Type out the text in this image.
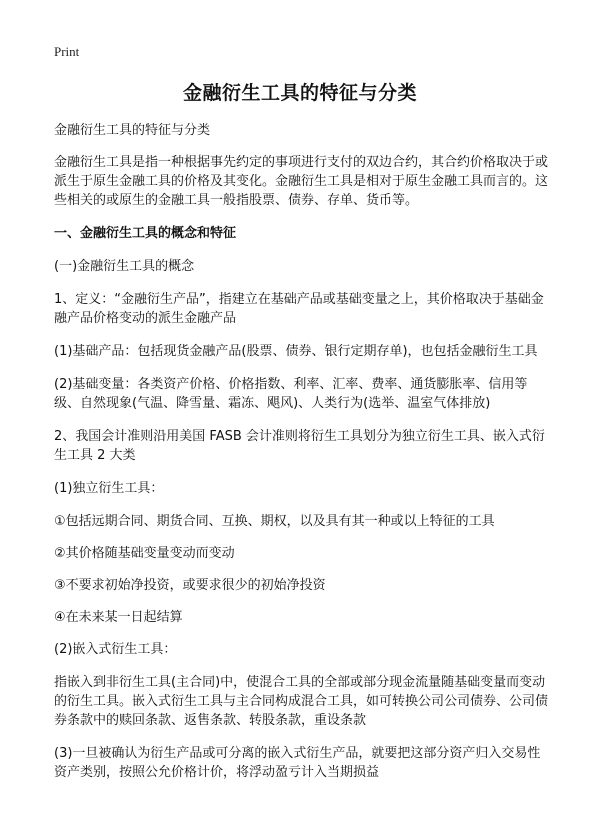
Print
金融衍生工具的特征与分类

金融衍生工具的特征与分类

金融衍生工具是指一种根据事先约定的事项进行支付的双边合约，其合约价格取决于或派生于原生金融工具的价格及其变化。金融衍生工具是相对于原生金融工具而言的。这些相关的或原生的金融工具一般指股票、债券、存单、货币等。

一、金融衍生工具的概念和特征

(一)金融衍生工具的概念

1、定义：“金融衍生产品”，指建立在基础产品或基础变量之上，其价格取决于基础金融产品价格变动的派生金融产品

(1)基础产品：包括现货金融产品(股票、债券、银行定期存单)，也包括金融衍生工具

(2)基础变量：各类资产价格、价格指数、利率、汇率、费率、通货膨胀率、信用等级、自然现象(气温、降雪量、霜冻、飓风)、人类行为(选举、温室气体排放)

2、我国会计准则沿用美国 FASB 会计准则将衍生工具划分为独立衍生工具、嵌入式衍生工具 2 大类

(1)独立衍生工具：

①包括远期合同、期货合同、互换、期权，以及具有其一种或以上特征的工具

②其价格随基础变量变动而变动

③不要求初始净投资，或要求很少的初始净投资

④在未来某一日起结算

(2)嵌入式衍生工具：

指嵌入到非衍生工具(主合同)中，使混合工具的全部或部分现金流量随基础变量而变动的衍生工具。嵌入式衍生工具与主合同构成混合工具，如可转换公司公司债券、公司债券条款中的赎回条款、返售条款、转股条款，重设条款

(3)一旦被确认为衍生产品或可分离的嵌入式衍生产品，就要把这部分资产归入交易性资产类别，按照公允价格计价，将浮动盈亏计入当期损益
